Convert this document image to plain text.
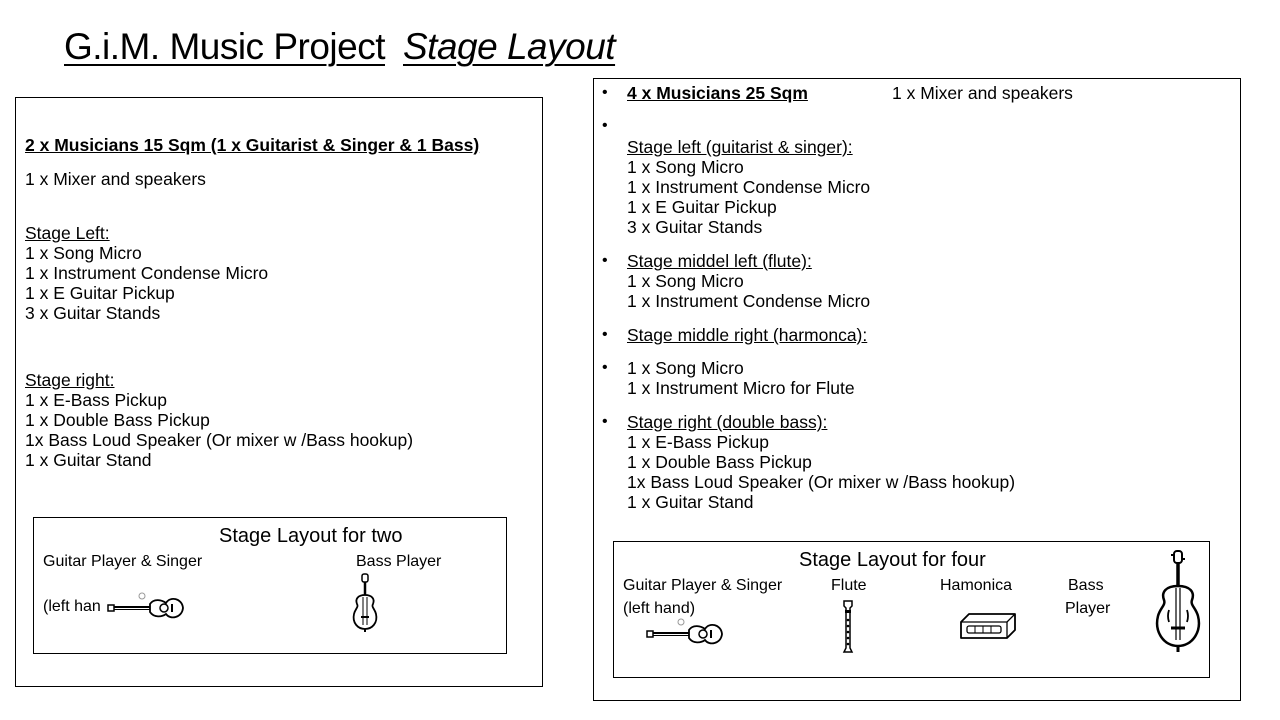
G.i.M. Music Project Stage Layout
2 x Musicians 15 Sqm (1 x Guitarist & Singer & 1 Bass)
1 x Mixer and speakers
Stage Left:
1 x Song Micro
1 x Instrument Condense Micro
1 x E Guitar Pickup
3 x Guitar Stands
Stage right:
1 x E-Bass Pickup
1 x Double Bass Pickup
1x Bass Loud Speaker (Or mixer w /Bass hookup)
1 x Guitar Stand
Stage Layout for two
Guitar Player & Singer	Bass Player
(left han
• 4 x Musicians 25 Sqm	1 x Mixer and speakers
•
Stage left (guitarist & singer):
1 x Song Micro
1 x Instrument Condense Micro
1 x E Guitar Pickup
3 x Guitar Stands
• Stage middel left (flute):
1 x Song Micro
1 x Instrument Condense Micro
• Stage middle right (harmonca):
• 1 x Song Micro
1 x Instrument Micro for Flute
• Stage right (double bass):
1 x E-Bass Pickup
1 x Double Bass Pickup
1x Bass Loud Speaker (Or mixer w /Bass hookup)
1 x Guitar Stand
Stage Layout for four
Guitar Player & Singer
(left hand)
Flute	Hamonica	Bass
Player
